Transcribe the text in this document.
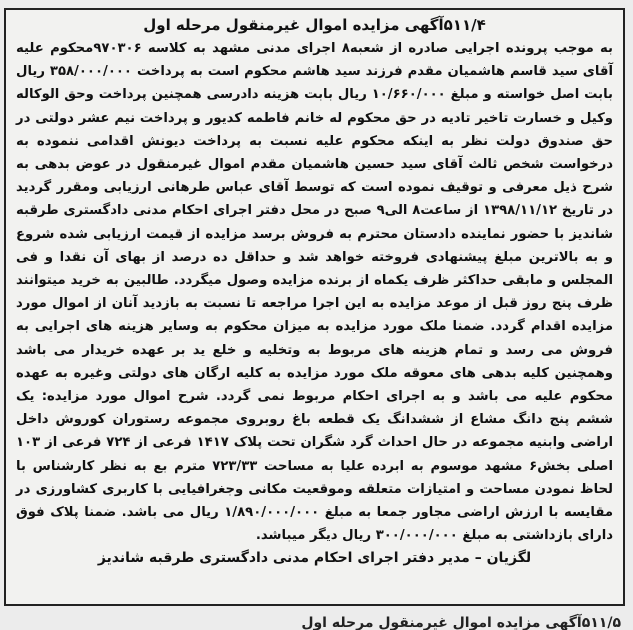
۵۱۱/۴آگهی مزایده اموال غیرمنقول مرحله اول
به موجب پرونده اجرایی صادره از شعبه۸ اجرای مدنی مشهد به کلاسه ۹۷۰۳۰۶محکوم علیه آقای سید قاسم هاشمیان مقدم فرزند سید هاشم محکوم است به پرداخت ۳۵۸/۰۰۰/۰۰۰ ریال بابت اصل خواسته و مبلغ ۱۰/۶۶۰/۰۰۰ ریال بابت هزینه دادرسی همچنین پرداخت وحق الوکاله وکیل و خسارت تاخیر تادیه در حق محکوم له خانم فاطمه کدیور و پرداخت نیم عشر دولتی در حق صندوق دولت نظر به اینکه محکوم علیه نسبت به پرداخت دیونش اقدامی ننموده به درخواست شخص ثالث آقای سید حسین هاشمیان مقدم اموال غیرمنقول در عوض بدهی به شرح ذیل معرفی و توقیف نموده است که توسط آقای عباس طرهانی ارزیابی ومقرر گردید در تاریخ ۱۳۹۸/۱۱/۱۲ از ساعت۸ الی۹ صبح در محل دفتر اجرای احکام مدنی دادگستری طرقبه شاندیز با حضور نماینده دادستان محترم به فروش برسد مزایده از قیمت ارزیابی شده شروع و به بالاترین مبلغ پیشنهادی فروخته خواهد شد و حداقل ده درصد از بهای آن نقدا و فی المجلس و مابقی حداکثر ظرف یکماه از برنده مزایده وصول میگردد. طالبین به خرید میتوانند ظرف پنج روز قبل از موعد مزایده به این اجرا مراجعه تا نسبت به بازدید آنان از اموال مورد مزایده اقدام گردد. ضمنا ملک مورد مزایده به میزان محکوم به وسایر هزینه های اجرایی به فروش می رسد و تمام هزینه های مربوط به وتخلیه و خلع ید بر عهده خریدار می باشد وهمچنین کلیه بدهی های معوقه ملک مورد مزایده به کلیه ارگان های دولتی وغیره به عهده محکوم علیه می باشد و به اجرای احکام مربوط نمی گردد. شرح اموال مورد مزایده: یک ششم پنج دانگ مشاع از ششدانگ یک قطعه باغ روبروی مجموعه رستوران کوروش داخل اراضی وابنیه مجموعه در حال احداث گرد شگران تحت پلاک ۱۴۱۷ فرعی از ۷۲۴ فرعی از ۱۰۳ اصلی بخش۶ مشهد موسوم به ابرده علیا به مساحت ۷۲۳/۳۳ مترم بع به نظر کارشناس با لحاظ نمودن مساحت و امتیازات متعلقه وموقعیت مکانی وجغرافیایی با کاربری کشاورزی در مقایسه با ارزش اراضی مجاور جمعا به مبلغ ۱/۸۹۰/۰۰۰/۰۰۰ ریال می باشد. ضمنا پلاک فوق دارای بازداشتی به مبلغ ۳۰۰/۰۰۰/۰۰۰ ریال دیگر میباشد.
لگزیان – مدیر دفتر اجرای احکام مدنی دادگستری طرقبه شاندیز
۵۱۱/۵آگهی مزایده اموال غیرمنقول مرحله اول
